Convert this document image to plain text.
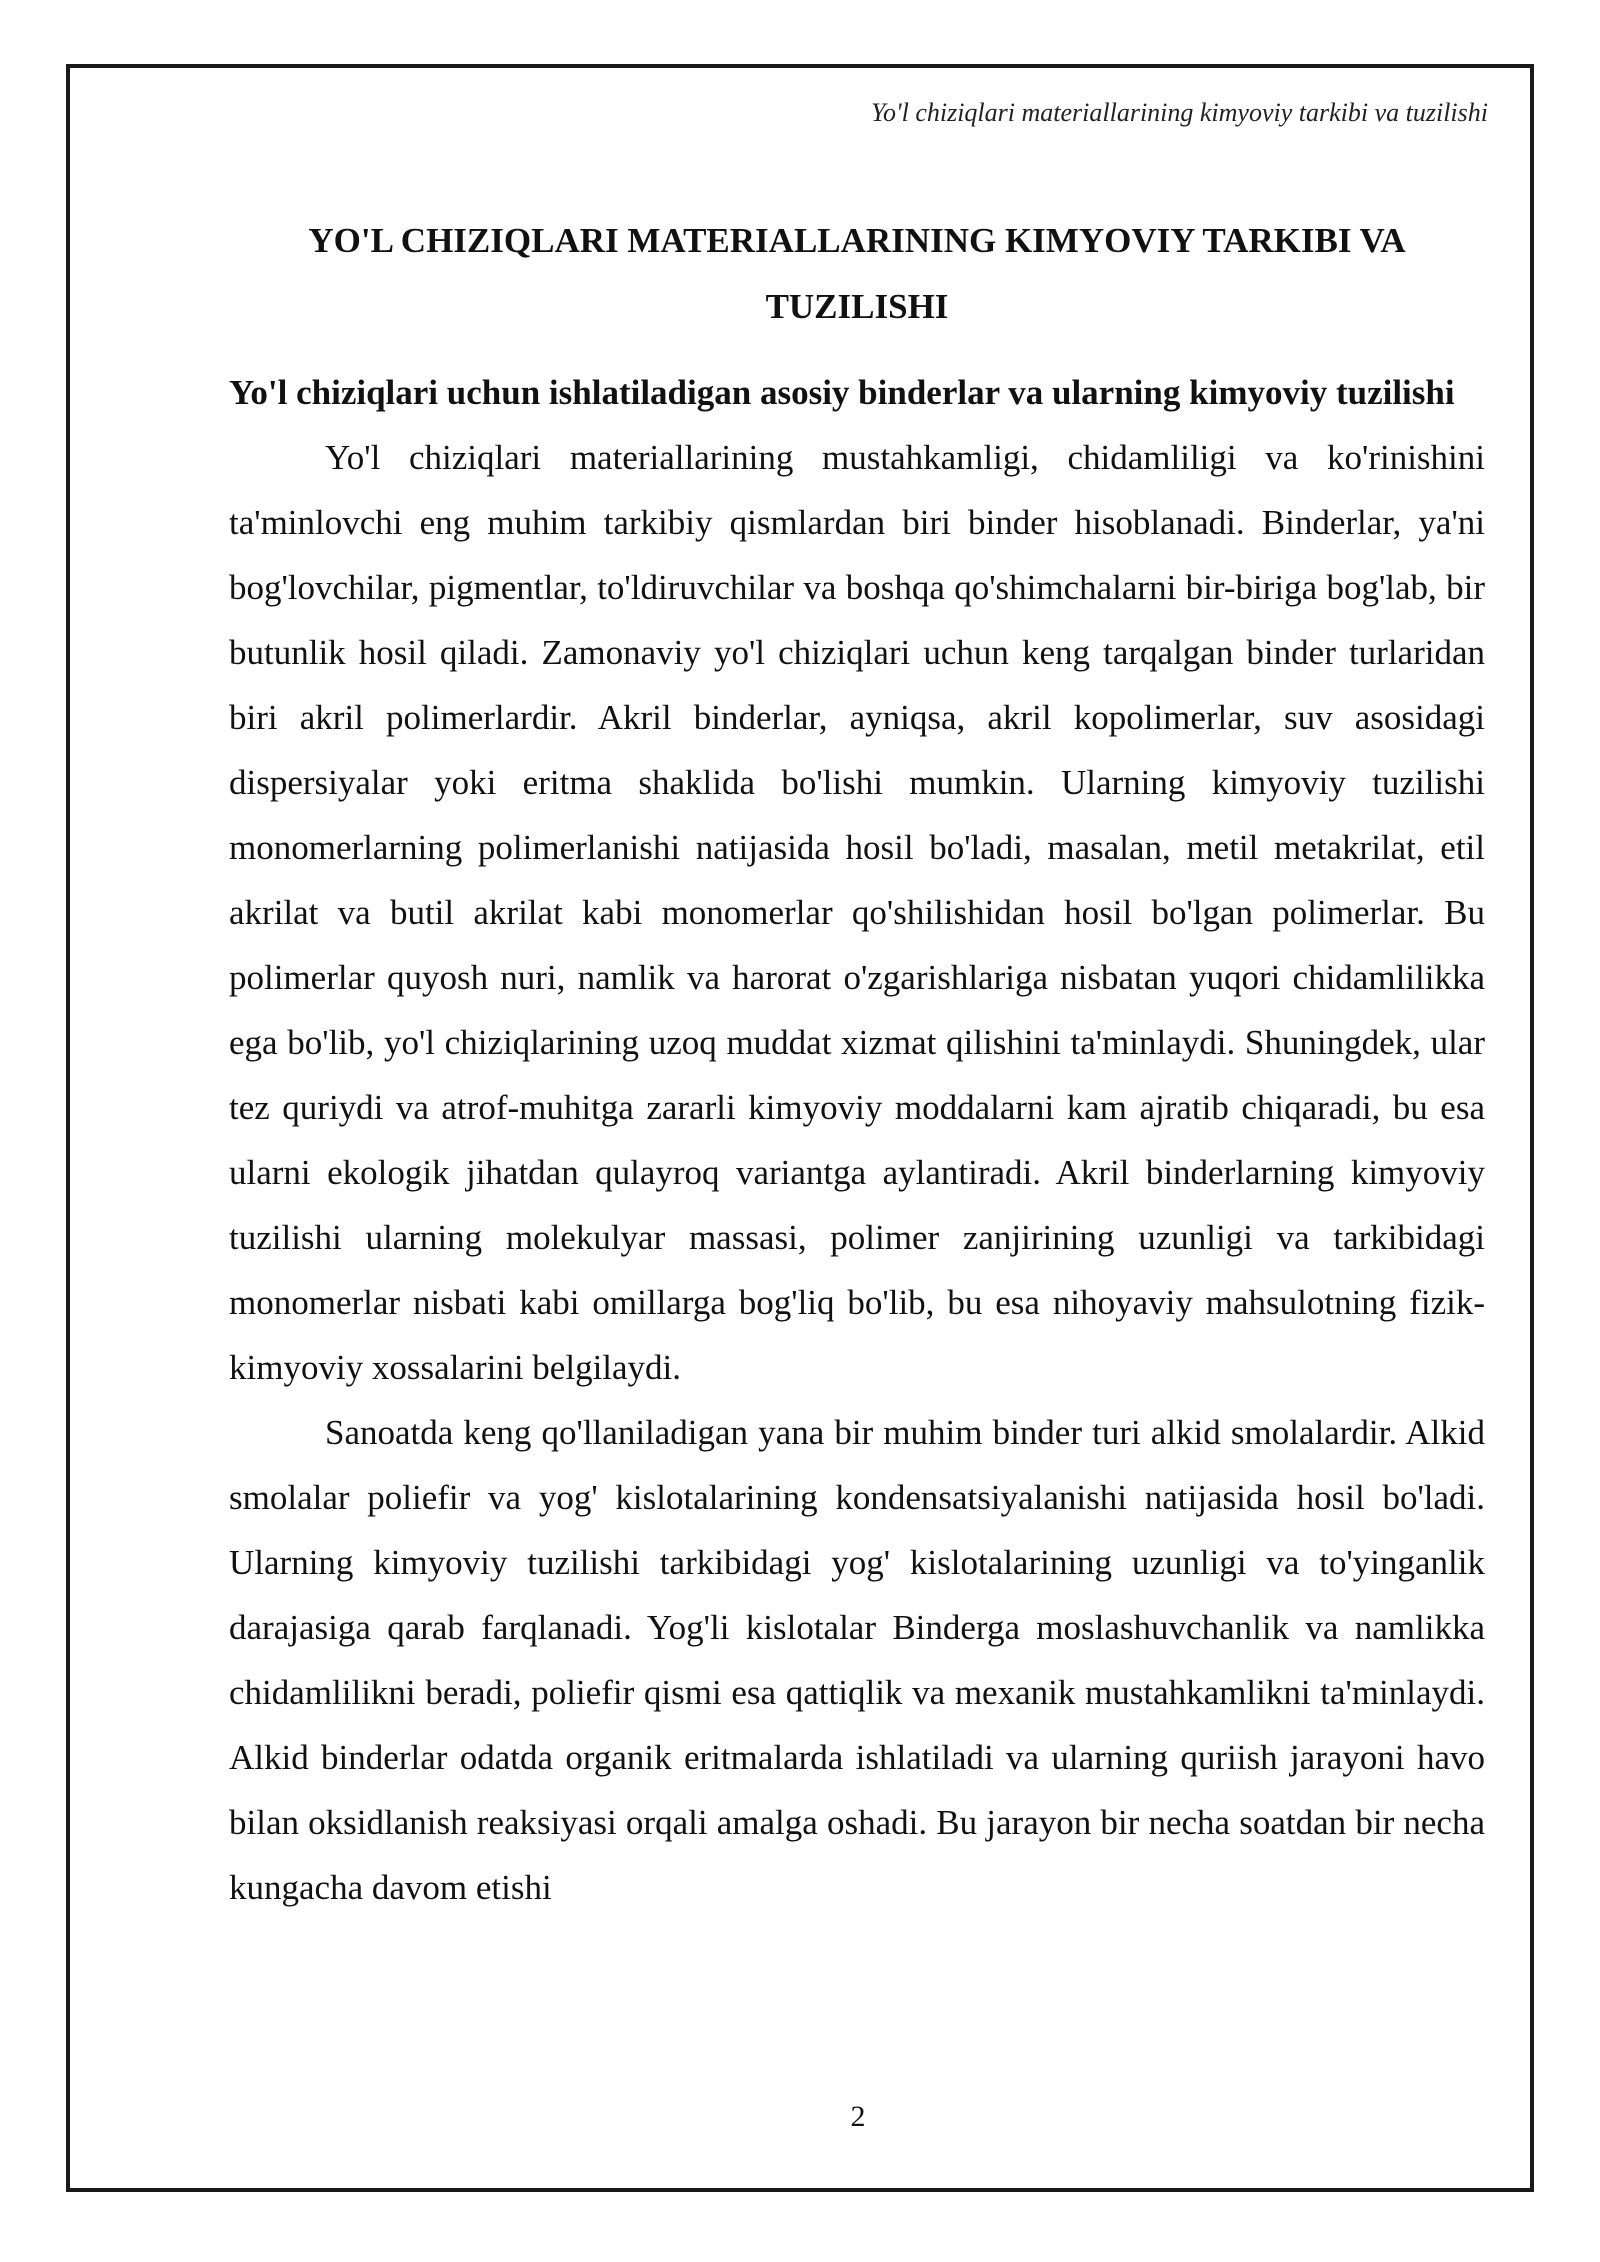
Yo'l chiziqlari materiallarining kimyoviy tarkibi va tuzilishi
YO'L CHIZIQLARI MATERIALLARINING KIMYOVIY TARKIBI VA TUZILISHI
Yo'l chiziqlari uchun ishlatiladigan asosiy binderlar va ularning kimyoviy tuzilishi

Yo'l chiziqlari materiallarining mustahkamligi, chidamliligi va ko'rinishini ta'minlovchi eng muhim tarkibiy qismlardan biri binder hisoblanadi. Binderlar, ya'ni bog'lovchilar, pigmentlar, to'ldiruvchilar va boshqa qo'shimchalarni bir-biriga bog'lab, bir butunlik hosil qiladi. Zamonaviy yo'l chiziqlari uchun keng tarqalgan binder turlaridan biri akril polimerlardir. Akril binderlar, ayniqsa, akril kopolimerlar, suv asosidagi dispersiyalar yoki eritma shaklida bo'lishi mumkin. Ularning kimyoviy tuzilishi monomerlarning polimerlanishi natijasida hosil bo'ladi, masalan, metil metakrilat, etil akrilat va butil akrilat kabi monomerlar qo'shilishidan hosil bo'lgan polimerlar. Bu polimerlar quyosh nuri, namlik va harorat o'zgarishlariga nisbatan yuqori chidamlilikka ega bo'lib, yo'l chiziqlarining uzoq muddat xizmat qilishini ta'minlaydi. Shuningdek, ular tez quriydi va atrof-muhitga zararli kimyoviy moddalarni kam ajratib chiqaradi, bu esa ularni ekologik jihatdan qulayroq variantga aylantiradi. Akril binderlarning kimyoviy tuzilishi ularning molekulyar massasi, polimer zanjirining uzunligi va tarkibidagi monomerlar nisbati kabi omillarga bog'liq bo'lib, bu esa nihoyaviy mahsulotning fizik-kimyoviy xossalarini belgilaydi.

Sanoatda keng qo'llaniladigan yana bir muhim binder turi alkid smolalardir. Alkid smolalar poliefir va yog' kislotalarining kondensatsiyalanishi natijasida hosil bo'ladi. Ularning kimyoviy tuzilishi tarkibidagi yog' kislotalarining uzunligi va to'yinganlik darajasiga qarab farqlanadi. Yog'li kislotalar Binderga moslashuvchanlik va namlikka chidamlilikni beradi, poliefir qismi esa qattiqlik va mexanik mustahkamlikni ta'minlaydi. Alkid binderlar odatda organik eritmalarda ishlatiladi va ularning quriish jarayoni havo bilan oksidlanish reaksiyasi orqali amalga oshadi. Bu jarayon bir necha soatdan bir necha kungacha davom etishi

2
